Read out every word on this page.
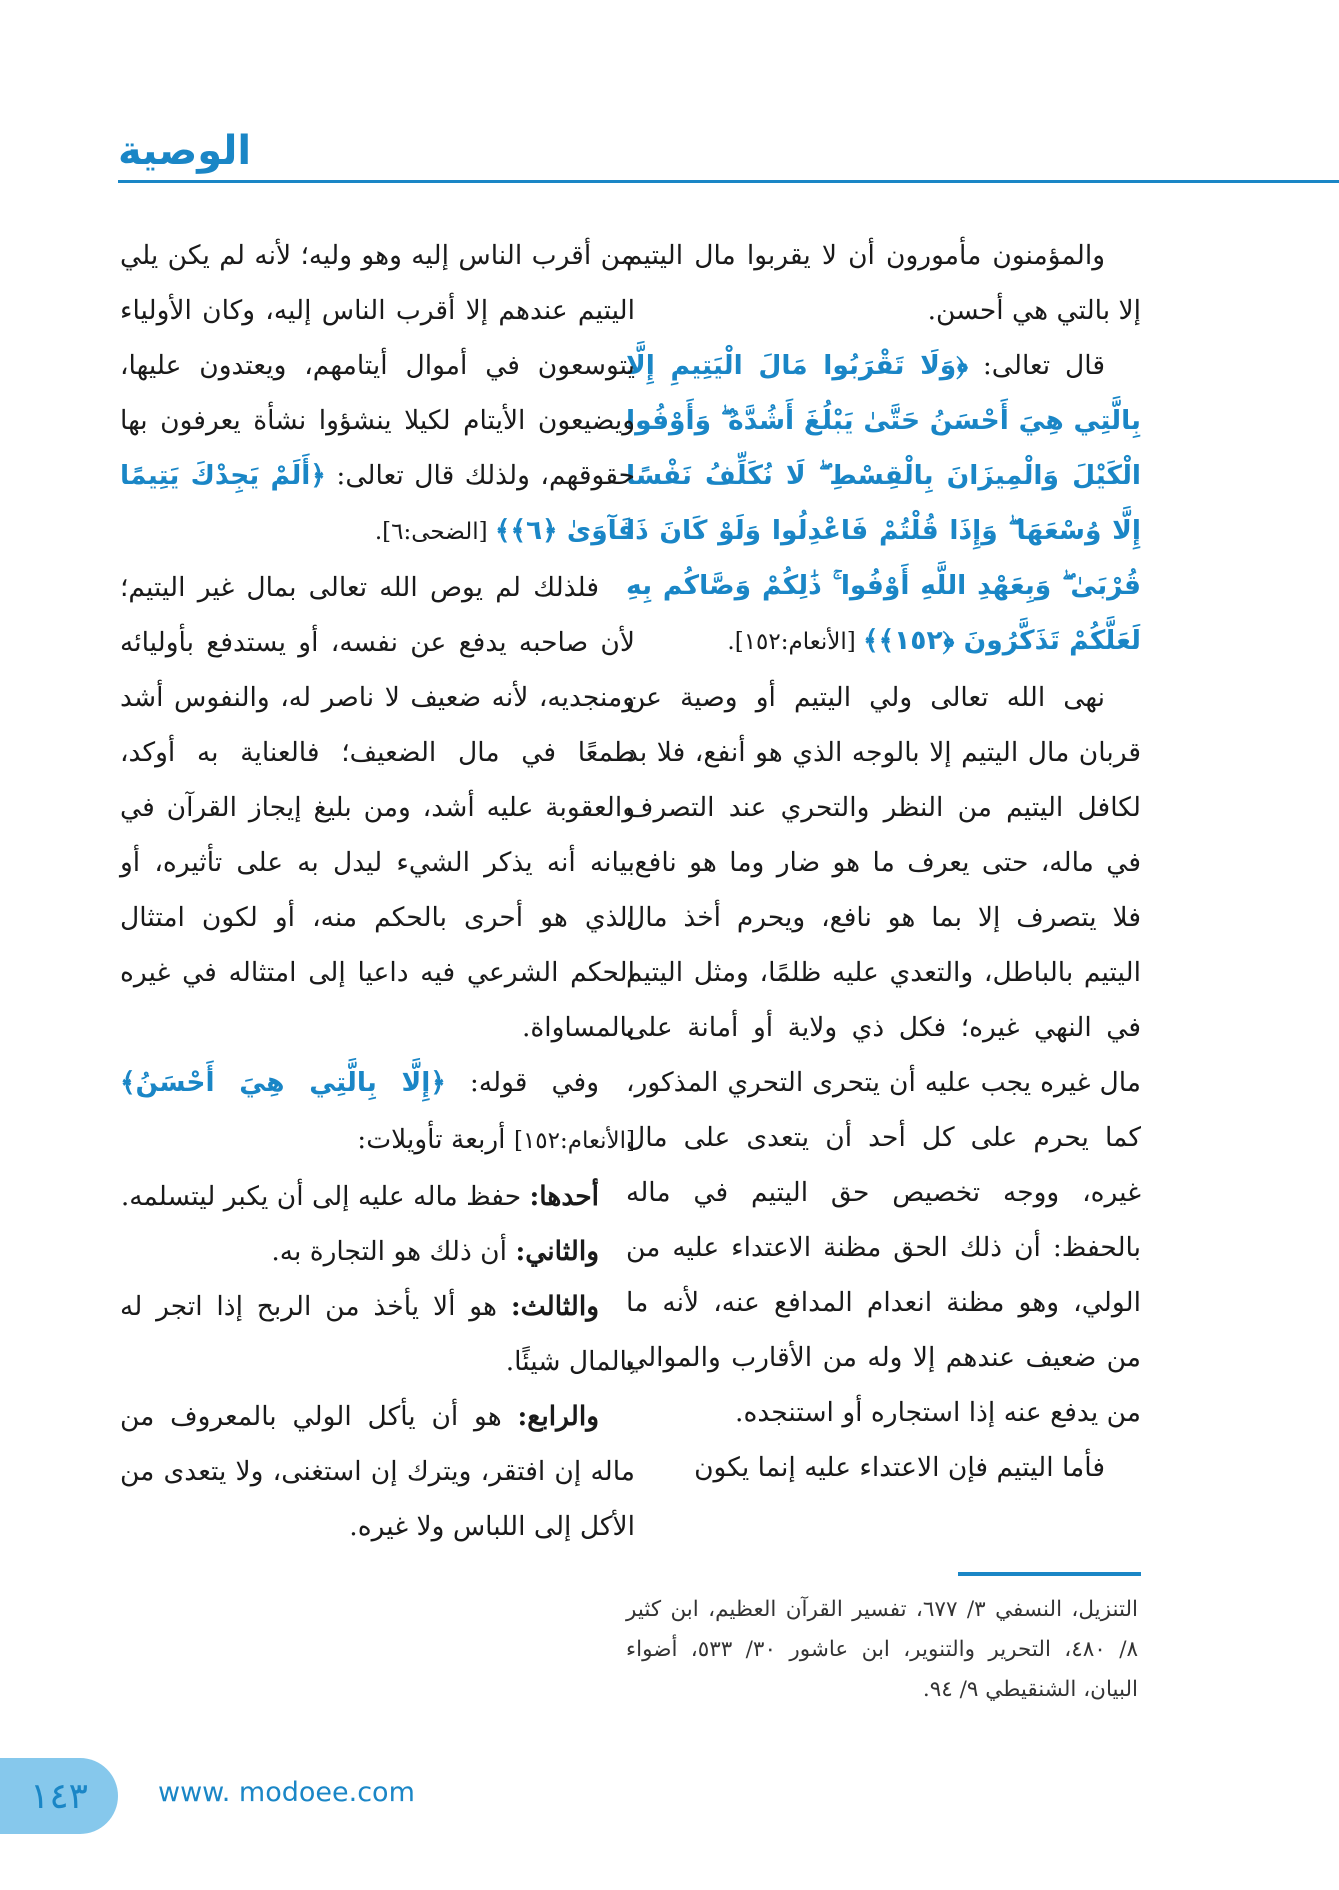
الوصية

والمؤمنون مأمورون أن لا يقربوا مال اليتيم إلا بالتي هي أحسن.

قال تعالى: ﴿وَلَا تَقْرَبُوا مَالَ الْيَتِيمِ إِلَّا بِالَّتِي هِيَ أَحْسَنُ حَتَّىٰ يَبْلُغَ أَشُدَّهُ ۖ وَأَوْفُوا الْكَيْلَ وَالْمِيزَانَ بِالْقِسْطِ ۖ لَا نُكَلِّفُ نَفْسًا إِلَّا وُسْعَهَا ۖ وَإِذَا قُلْتُمْ فَاعْدِلُوا وَلَوْ كَانَ ذَا قُرْبَىٰ ۖ وَبِعَهْدِ اللَّهِ أَوْفُوا ۚ ذَٰلِكُمْ وَصَّاكُم بِهِ لَعَلَّكُمْ تَذَكَّرُونَ ﴿١٥٢﴾﴾ [الأنعام:١٥٢].

نهى الله تعالى ولي اليتيم أو وصية عن قربان مال اليتيم إلا بالوجه الذي هو أنفع، فلا بد لكافل اليتيم من النظر والتحري عند التصرف في ماله، حتى يعرف ما هو ضار وما هو نافع، فلا يتصرف إلا بما هو نافع، ويحرم أخذ مال اليتيم بالباطل، والتعدي عليه ظلمًا، ومثل اليتيم في النهي غيره؛ فكل ذي ولاية أو أمانة على مال غيره يجب عليه أن يتحرى التحري المذكور، كما يحرم على كل أحد أن يتعدى على مال غيره، ووجه تخصيص حق اليتيم في ماله بالحفظ: أن ذلك الحق مظنة الاعتداء عليه من الولي، وهو مظنة انعدام المدافع عنه، لأنه ما من ضعيف عندهم إلا وله من الأقارب والموالي من يدفع عنه إذا استجاره أو استنجده.

فأما اليتيم فإن الاعتداء عليه إنما يكون

التنزيل، النسفي ٣/ ٦٧٧، تفسير القرآن العظيم، ابن كثير ٨/ ٤٨٠، التحرير والتنوير، ابن عاشور ٣٠/ ٥٣٣، أضواء البيان، الشنقيطي ٩/ ٩٤.

من أقرب الناس إليه وهو وليه؛ لأنه لم يكن يلي اليتيم عندهم إلا أقرب الناس إليه، وكان الأولياء يتوسعون في أموال أيتامهم، ويعتدون عليها، ويضيعون الأيتام لكيلا ينشؤوا نشأة يعرفون بها حقوقهم، ولذلك قال تعالى: ﴿أَلَمْ يَجِدْكَ يَتِيمًا فَآوَىٰ ﴿٦﴾﴾ [الضحى:٦].

فلذلك لم يوص الله تعالى بمال غير اليتيم؛ لأن صاحبه يدفع عن نفسه، أو يستدفع بأوليائه ومنجديه، لأنه ضعيف لا ناصر له، والنفوس أشد طمعًا في مال الضعيف؛ فالعناية به أوكد، والعقوبة عليه أشد، ومن بليغ إيجاز القرآن في بيانه أنه يذكر الشيء ليدل به على تأثيره، أو الذي هو أحرى بالحكم منه، أو لكون امتثال الحكم الشرعي فيه داعيا إلى امتثاله في غيره بالمساواة.

وفي قوله: ﴿إِلَّا بِالَّتِي هِيَ أَحْسَنُ﴾ [الأنعام:١٥٢] أربعة تأويلات:

أحدها: حفظ ماله عليه إلى أن يكبر ليتسلمه.

والثاني: أن ذلك هو التجارة به.

والثالث: هو ألا يأخذ من الربح إذا اتجر له بالمال شيئًا.

والرابع: هو أن يأكل الولي بالمعروف من ماله إن افتقر، ويترك إن استغنى، ولا يتعدى من الأكل إلى اللباس ولا غيره.

١٤٣	www. modoee.com
